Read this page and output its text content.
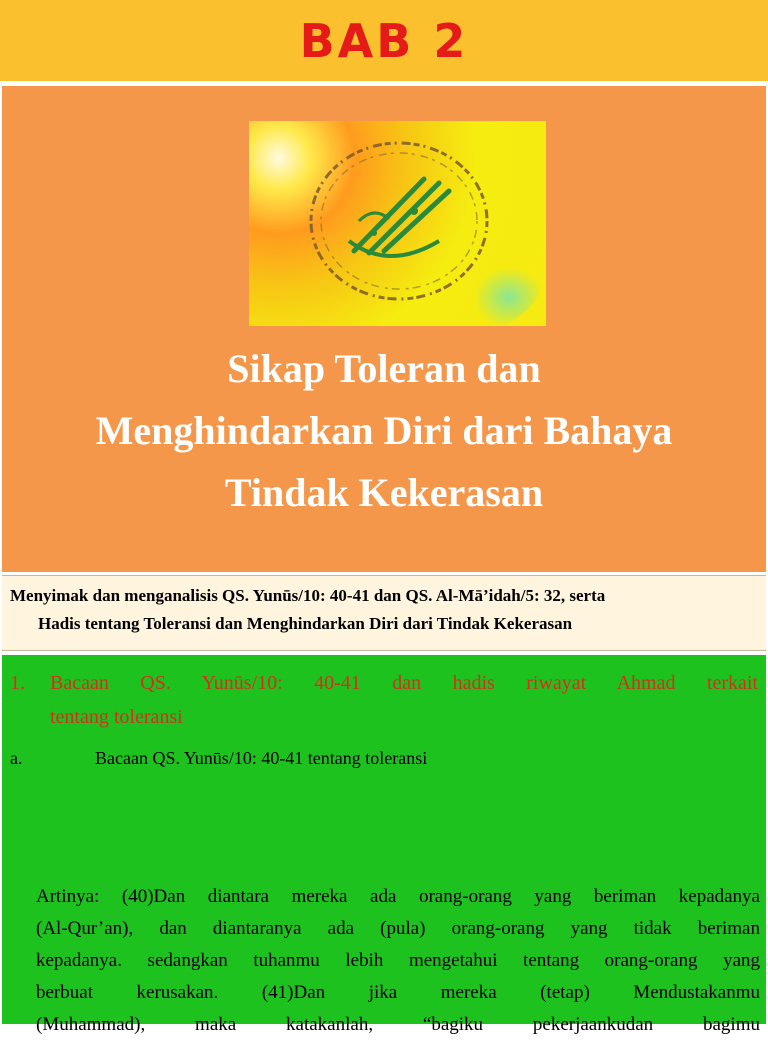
BAB 2
Sikap Toleran dan
Menghindarkan Diri dari Bahaya
Tindak Kekerasan
Menyimak dan menganalisis QS. Yunūs/10: 40-41 dan QS. Al-Mā’idah/5: 32, serta
Hadis tentang Toleransi dan Menghindarkan Diri dari Tindak Kekerasan
1. Bacaan QS. Yunūs/10: 40-41 dan hadis riwayat Ahmad terkait
tentang toleransi
a.	Bacaan QS. Yunūs/10: 40-41 tentang toleransi
Artinya: (40)Dan diantara mereka ada orang-orang yang beriman kepadanya
(Al-Qur’an), dan diantaranya ada (pula) orang-orang yang tidak beriman
kepadanya. sedangkan tuhanmu lebih mengetahui tentang orang-orang yang
berbuat kerusakan. (41)Dan jika mereka (tetap) Mendustakanmu
(Muhammad), maka katakanlah, “bagiku pekerjaankudan bagimu
